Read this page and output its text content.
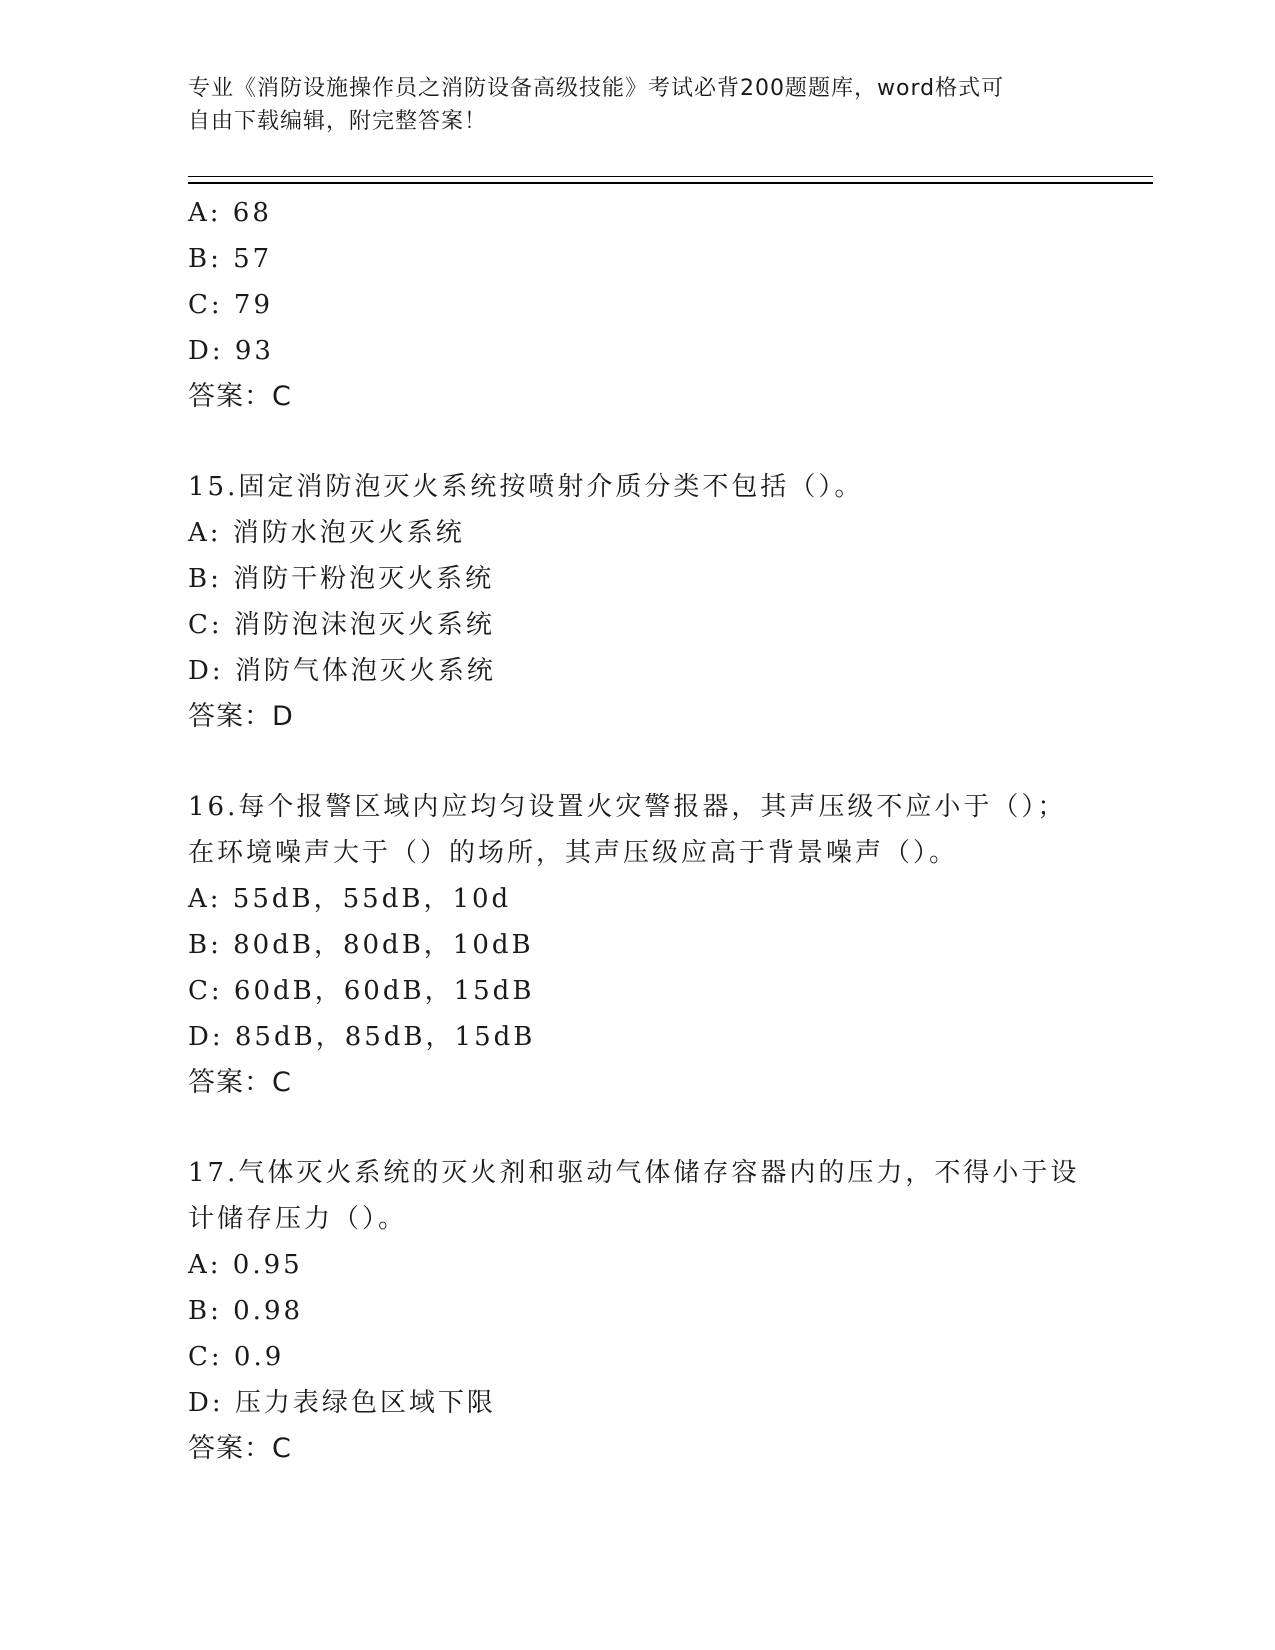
专业《消防设施操作员之消防设备高级技能》考试必背200题题库，word格式可
自由下载编辑，附完整答案！
A: 68
B: 57
C: 79
D: 93
答案：C
15.固定消防泡灭火系统按喷射介质分类不包括（）。
A: 消防水泡灭火系统
B: 消防干粉泡灭火系统
C: 消防泡沫泡灭火系统
D: 消防气体泡灭火系统
答案：D
16.每个报警区域内应均匀设置火灾警报器，其声压级不应小于（）；
在环境噪声大于（）的场所，其声压级应高于背景噪声（）。
A: 55dB，55dB，10d
B: 80dB，80dB，10dB
C: 60dB，60dB，15dB
D: 85dB，85dB，15dB
答案：C
17.气体灭火系统的灭火剂和驱动气体储存容器内的压力，不得小于设
计储存压力（）。
A: 0.95
B: 0.98
C: 0.9
D: 压力表绿色区域下限
答案：C
